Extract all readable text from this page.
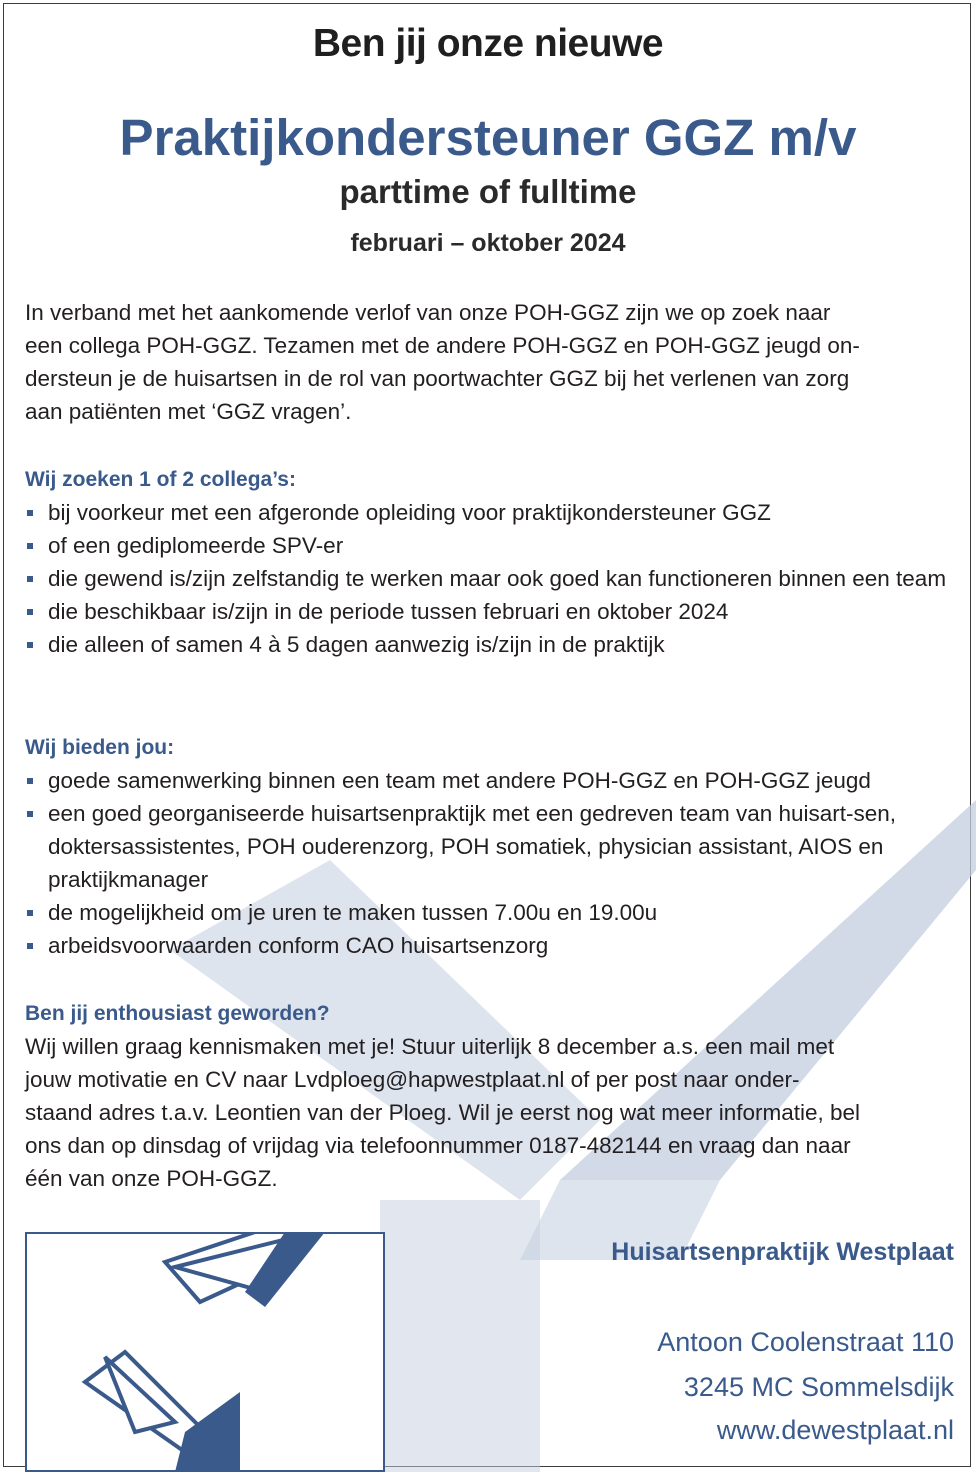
Ben jij onze nieuwe
Praktijkondersteuner GGZ m/v
parttime of fulltime
februari – oktober 2024
In verband met het aankomende verlof van onze POH-GGZ zijn we op zoek naar
een collega POH-GGZ. Tezamen met de andere POH-GGZ en POH-GGZ jeugd on-
dersteun je de huisartsen in de rol van poortwachter GGZ bij het verlenen van zorg
aan patiënten met ‘GGZ vragen’.
Wij zoeken 1 of 2 collega’s:
bij voorkeur met een afgeronde opleiding voor praktijkondersteuner GGZ
of een gediplomeerde SPV-er
die gewend is/zijn zelfstandig te werken maar ook goed kan functioneren binnen een team
die beschikbaar is/zijn in de periode tussen februari en oktober 2024
die alleen of samen 4 à 5 dagen aanwezig is/zijn in de praktijk
Wij bieden jou:
goede samenwerking binnen een team met andere POH-GGZ en POH-GGZ jeugd
een goed georganiseerde huisartsenpraktijk met een gedreven team van huisart-sen, doktersassistentes, POH ouderenzorg, POH somatiek, physician assistant, AIOS en praktijkmanager
de mogelijkheid om je uren te maken tussen 7.00u en 19.00u
arbeidsvoorwaarden conform CAO huisartsenzorg
Ben jij enthousiast geworden?
Wij willen graag kennismaken met je! Stuur uiterlijk 8 december a.s. een mail met
jouw motivatie en CV naar Lvdploeg@hapwestplaat.nl of per post naar onder-
staand adres t.a.v. Leontien van der Ploeg. Wil je eerst nog wat meer informatie, bel
ons dan op dinsdag of vrijdag via telefoonnummer 0187-482144 en vraag dan naar
één van onze POH-GGZ.
Huisartsenpraktijk Westplaat
Antoon Coolenstraat 110
3245 MC Sommelsdijk
www.dewestplaat.nl
